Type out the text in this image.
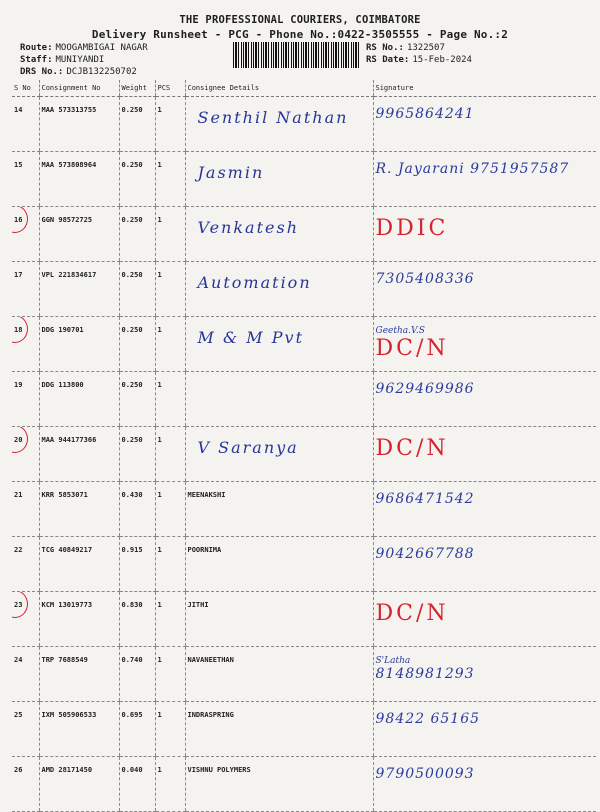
THE PROFESSIONAL COURIERS, COIMBATORE
Delivery Runsheet - PCG - Phone No.:0422-3505555 - Page No.:2
Route: MOOGAMBIGAI NAGAR
Staff: MUNIYANDI
DRS No.: DCJB132250702
RS No.: 1322507
RS Date: 15-Feb-2024
S No	Consignment No	Weight	PCS	Consignee Details	Signature
14	MAA 573313755	0.250	1	Senthil Nathan	9965864241

15	MAA 573808964	0.250	1	Jasmin	R. Jayarani 9751957587

16	GGN 98572725	0.250	1	Venkatesh	DDIC

17	VPL 221834617	0.250	1	Automation	7305408336

18	DDG 190701	0.250	1	M & M Pvt	Geetha.V.S
DC/N

19	DDG 113800	0.250	1		9629469986

20	MAA 944177366	0.250	1	V Saranya	DC/N

21	KRR 5853071	0.430	1	MEENAKSHI	9686471542

22	TCG 40849217	0.915	1	POORNIMA	9042667788

23	KCM 13019773	0.830	1	JITHI	DC/N

24	TRP 7688549	0.740	1	NAVANEETHAN	S'Latha
8148981293

25	IXM 505906533	0.695	1	INDRASPRING	98422 65165

26	AMD 28171450	0.040	1	VISHNU POLYMERS	9790500093
